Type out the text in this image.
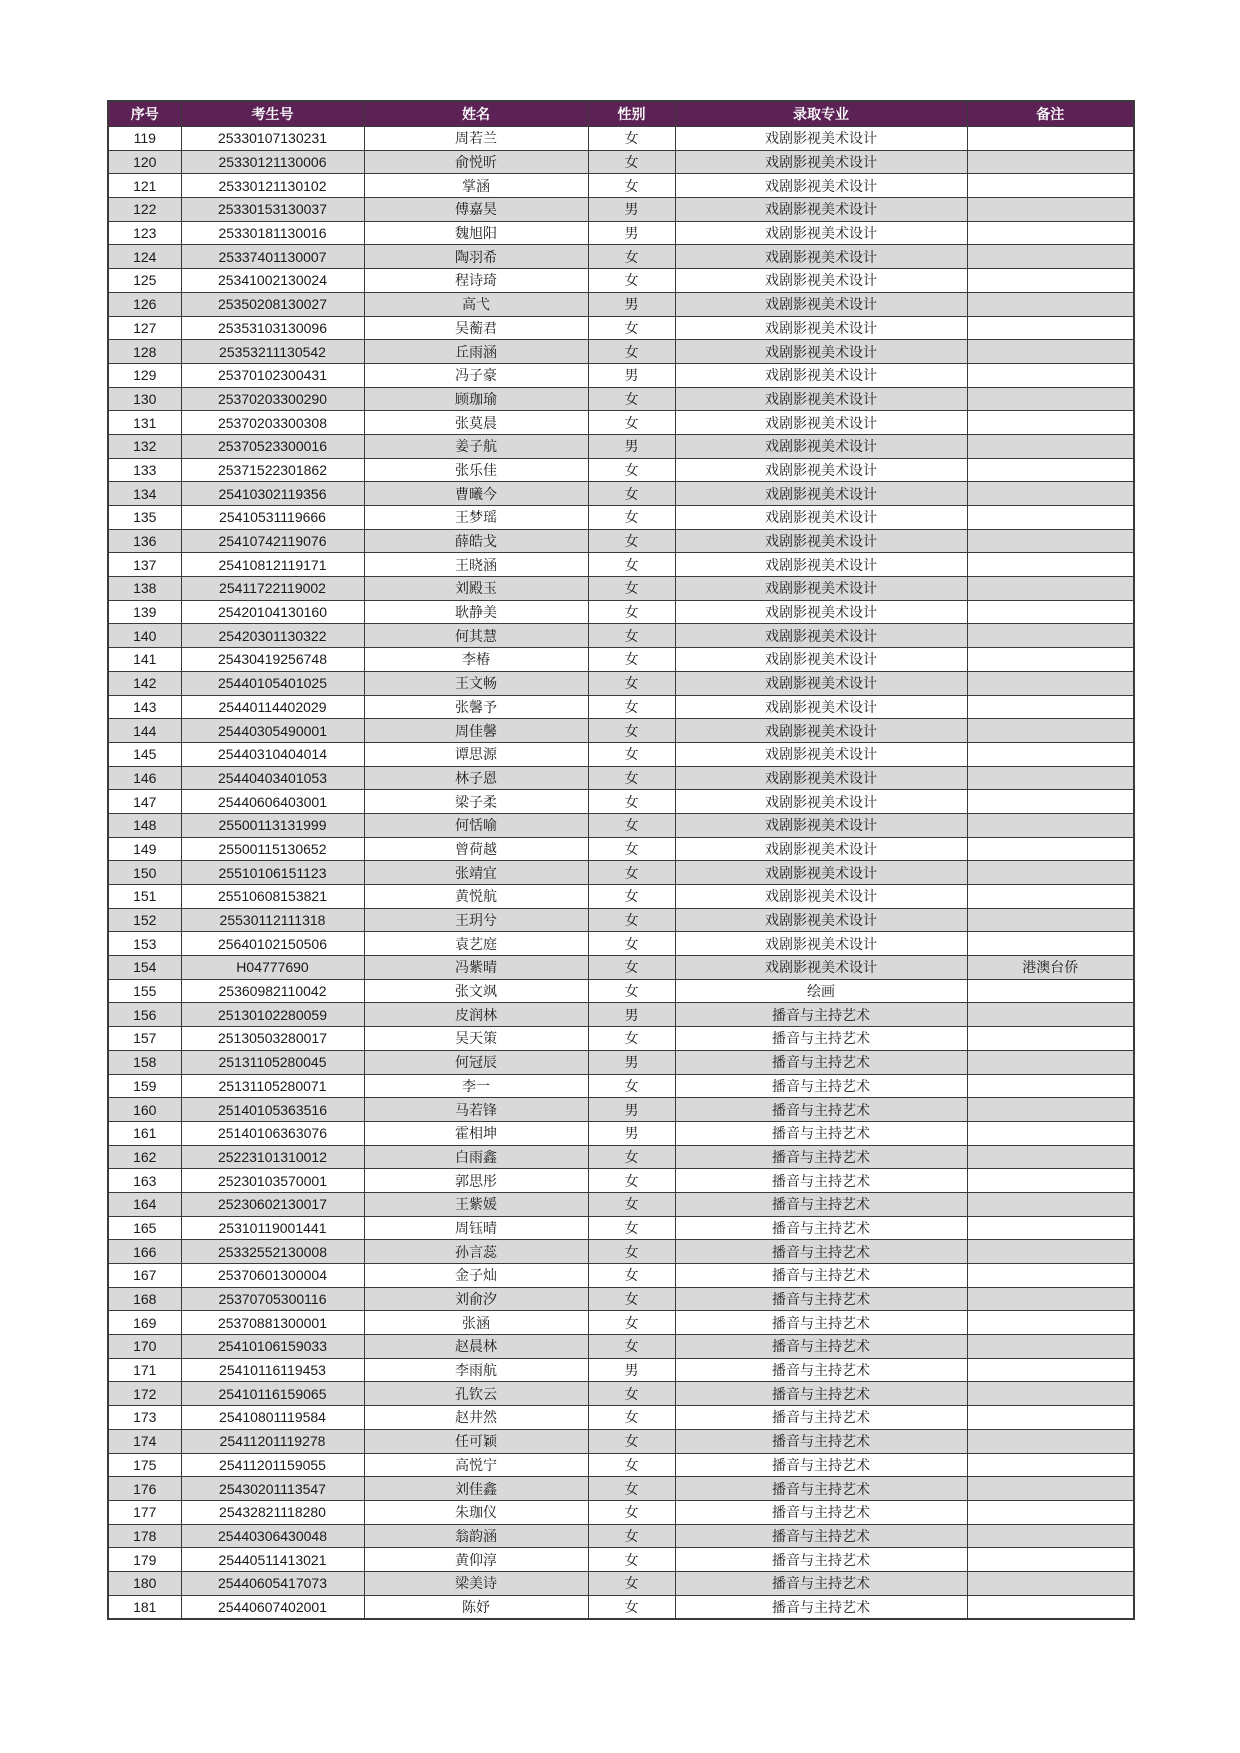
序号	考生号	姓名	性别	录取专业	备注
119	25330107130231	周若兰	女	戏剧影视美术设计	
120	25330121130006	俞悦昕	女	戏剧影视美术设计	
121	25330121130102	掌涵	女	戏剧影视美术设计	
122	25330153130037	傅嘉昊	男	戏剧影视美术设计	
123	25330181130016	魏旭阳	男	戏剧影视美术设计	
124	25337401130007	陶羽希	女	戏剧影视美术设计	
125	25341002130024	程诗琦	女	戏剧影视美术设计	
126	25350208130027	高弋	男	戏剧影视美术设计	
127	25353103130096	吴蘅君	女	戏剧影视美术设计	
128	25353211130542	丘雨涵	女	戏剧影视美术设计	
129	25370102300431	冯子豪	男	戏剧影视美术设计	
130	25370203300290	顾珈瑜	女	戏剧影视美术设计	
131	25370203300308	张莫晨	女	戏剧影视美术设计	
132	25370523300016	姜子航	男	戏剧影视美术设计	
133	25371522301862	张乐佳	女	戏剧影视美术设计	
134	25410302119356	曹曦今	女	戏剧影视美术设计	
135	25410531119666	王梦瑶	女	戏剧影视美术设计	
136	25410742119076	薛皓戈	女	戏剧影视美术设计	
137	25410812119171	王晓涵	女	戏剧影视美术设计	
138	25411722119002	刘殿玉	女	戏剧影视美术设计	
139	25420104130160	耿静美	女	戏剧影视美术设计	
140	25420301130322	何其慧	女	戏剧影视美术设计	
141	25430419256748	李椿	女	戏剧影视美术设计	
142	25440105401025	王文畅	女	戏剧影视美术设计	
143	25440114402029	张馨予	女	戏剧影视美术设计	
144	25440305490001	周佳馨	女	戏剧影视美术设计	
145	25440310404014	谭思源	女	戏剧影视美术设计	
146	25440403401053	林子恩	女	戏剧影视美术设计	
147	25440606403001	梁子柔	女	戏剧影视美术设计	
148	25500113131999	何恬喻	女	戏剧影视美术设计	
149	25500115130652	曾荷越	女	戏剧影视美术设计	
150	25510106151123	张靖宜	女	戏剧影视美术设计	
151	25510608153821	黄悦航	女	戏剧影视美术设计	
152	25530112111318	王玥兮	女	戏剧影视美术设计	
153	25640102150506	袁艺庭	女	戏剧影视美术设计	
154	H04777690	冯紫晴	女	戏剧影视美术设计	港澳台侨
155	25360982110042	张文飒	女	绘画	
156	25130102280059	皮润林	男	播音与主持艺术	
157	25130503280017	吴天策	女	播音与主持艺术	
158	25131105280045	何冠辰	男	播音与主持艺术	
159	25131105280071	李一	女	播音与主持艺术	
160	25140105363516	马若锋	男	播音与主持艺术	
161	25140106363076	霍相坤	男	播音与主持艺术	
162	25223101310012	白雨鑫	女	播音与主持艺术	
163	25230103570001	郭思彤	女	播音与主持艺术	
164	25230602130017	王紫媛	女	播音与主持艺术	
165	25310119001441	周钰晴	女	播音与主持艺术	
166	25332552130008	孙言蕊	女	播音与主持艺术	
167	25370601300004	金子灿	女	播音与主持艺术	
168	25370705300116	刘俞汐	女	播音与主持艺术	
169	25370881300001	张涵	女	播音与主持艺术	
170	25410106159033	赵晨林	女	播音与主持艺术	
171	25410116119453	李雨航	男	播音与主持艺术	
172	25410116159065	孔钦云	女	播音与主持艺术	
173	25410801119584	赵井然	女	播音与主持艺术	
174	25411201119278	任可颖	女	播音与主持艺术	
175	25411201159055	高悦宁	女	播音与主持艺术	
176	25430201113547	刘佳鑫	女	播音与主持艺术	
177	25432821118280	朱珈仪	女	播音与主持艺术	
178	25440306430048	翁韵涵	女	播音与主持艺术	
179	25440511413021	黄仰淳	女	播音与主持艺术	
180	25440605417073	梁美诗	女	播音与主持艺术	
181	25440607402001	陈妤	女	播音与主持艺术	
